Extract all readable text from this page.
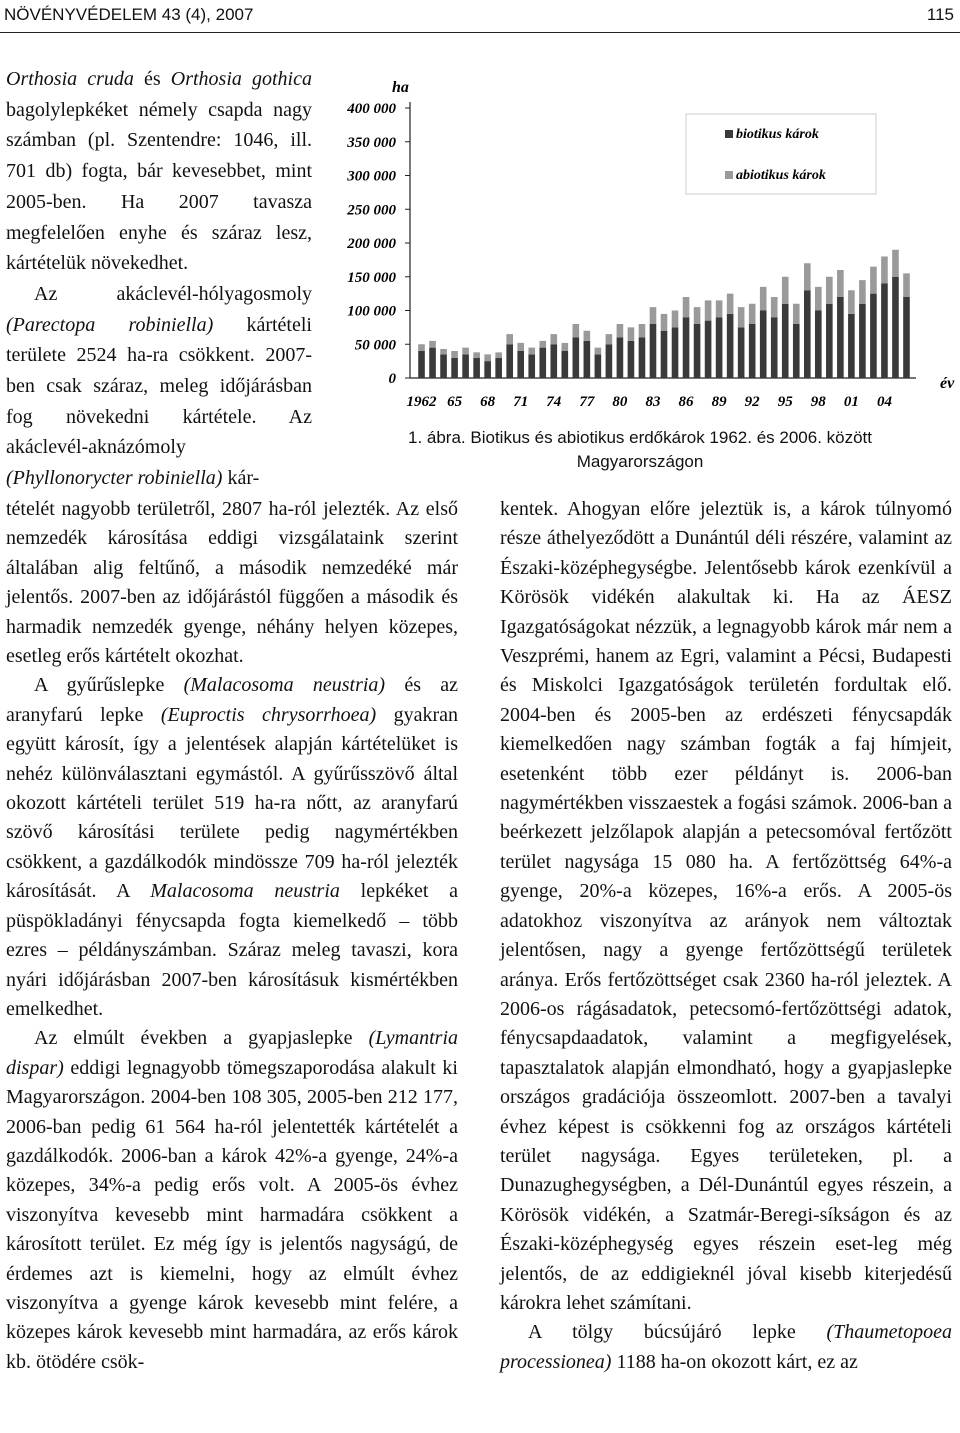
NÖVÉNYVÉDELEM 43 (4), 2007	115

Orthosia cruda és Orthosia gothica bagolylepkéket némely csapda nagy számban (pl. Szentendre: 1046, ill. 701 db) fogta, bár kevesebbet, mint 2005-ben. Ha 2007 tavasza megfelelően enyhe és száraz lesz, kártételük növekedhet.

Az akáclevél-hólyagosmoly (Parectopa robiniella) kártételi területe 2524 ha-ra csökkent. 2007-ben csak száraz, meleg időjárásban fog növekedni kártétele. Az akáclevél-aknázómoly (Phyllonorycter robiniella) kár-

ha
év
0
50 000
100 000
150 000
200 000
250 000
300 000
350 000
400 000
1962 65 68 71 74 77 80 83 86 89 92 95 98 01 04
biotikus károk
abiotikus károk
1. ábra. Biotikus és abiotikus erdőkárok 1962. és 2006. között
Magyarországon

tételét nagyobb területről, 2807 ha-ról jelezték. Az első nemzedék károsítása eddigi vizsgálataink szerint általában alig feltűnő, a második nemzedéké már jelentős. 2007-ben az időjárástól függően a második és harmadik nemzedék gyenge, néhány helyen közepes, esetleg erős kártételt okozhat.

A gyűrűslepke (Malacosoma neustria) és az aranyfarú lepke (Euproctis chrysorrhoea) gyakran együtt károsít, így a jelentések alapján kártételüket is nehéz különválasztani egymástól. A gyűrűsszövő által okozott kártételi terület 519 ha-ra nőtt, az aranyfarú szövő károsítási területe pedig nagymértékben csökkent, a gazdálkodók mindössze 709 ha-ról jelezték károsítását. A Malacosoma neustria lepkéket a püspökladányi fénycsapda fogta kiemelkedő – több ezres – példányszámban. Száraz meleg tavaszi, kora nyári időjárásban 2007-ben károsításuk kismértékben emelkedhet.

Az elmúlt években a gyapjaslepke (Lymantria dispar) eddigi legnagyobb tömegszaporodása alakult ki Magyarországon. 2004-ben 108 305, 2005-ben 212 177, 2006-ban pedig 61 564 ha-ról jelentették kártételét a gazdálkodók. 2006-ban a károk 42%-a gyenge, 24%-a közepes, 34%-a pedig erős volt. A 2005-ös évhez viszonyítva kevesebb mint harmadára csökkent a károsított terület. Ez még így is jelentős nagyságú, de érdemes azt is kiemelni, hogy az elmúlt évhez viszonyítva a gyenge károk kevesebb mint felére, a közepes károk kevesebb mint harmadára, az erős károk kb. ötödére csök-

kentek. Ahogyan előre jeleztük is, a károk túlnyomó része áthelyeződött a Dunántúl déli részére, valamint az Északi-középhegységbe. Jelentősebb károk ezenkívül a Körösök vidékén alakultak ki. Ha az ÁESZ Igazgatóságokat nézzük, a legnagyobb károk már nem a Veszprémi, hanem az Egri, valamint a Pécsi, Budapesti és Miskolci Igazgatóságok területén fordultak elő. 2004-ben és 2005-ben az erdészeti fénycsapdák kiemelkedően nagy számban fogták a faj hímjeit, esetenként több ezer példányt is. 2006-ban nagymértékben visszaestek a fogási számok. 2006-ban a beérkezett jelzőlapok alapján a petecsomóval fertőzött terület nagysága 15 080 ha. A fertőzöttség 64%-a gyenge, 20%-a közepes, 16%-a erős. A 2005-ös adatokhoz viszonyítva az arányok nem változtak jelentősen, nagy a gyenge fertőzöttségű területek aránya. Erős fertőzöttséget csak 2360 ha-ról jeleztek. A 2006-os rágásadatok, petecsomó-fertőzöttségi adatok, fénycsapdaadatok, valamint a megfigyelések, tapasztalatok alapján elmondható, hogy a gyapjaslepke országos gradációja összeomlott. 2007-ben a tavalyi évhez képest is csökkenni fog az országos kártételi terület nagysága. Egyes területeken, pl. a Dunazughegységben, a Dél-Dunántúl egyes részein, a Körösök vidékén, a Szatmár-Beregi-síkságon és az Északi-középhegység egyes részein eset-leg még jelentős, de az eddigieknél jóval kisebb kiterjedésű károkra lehet számítani.

A tölgy búcsújáró lepke (Thaumetopoea processionea) 1188 ha-on okozott kárt, ez az
